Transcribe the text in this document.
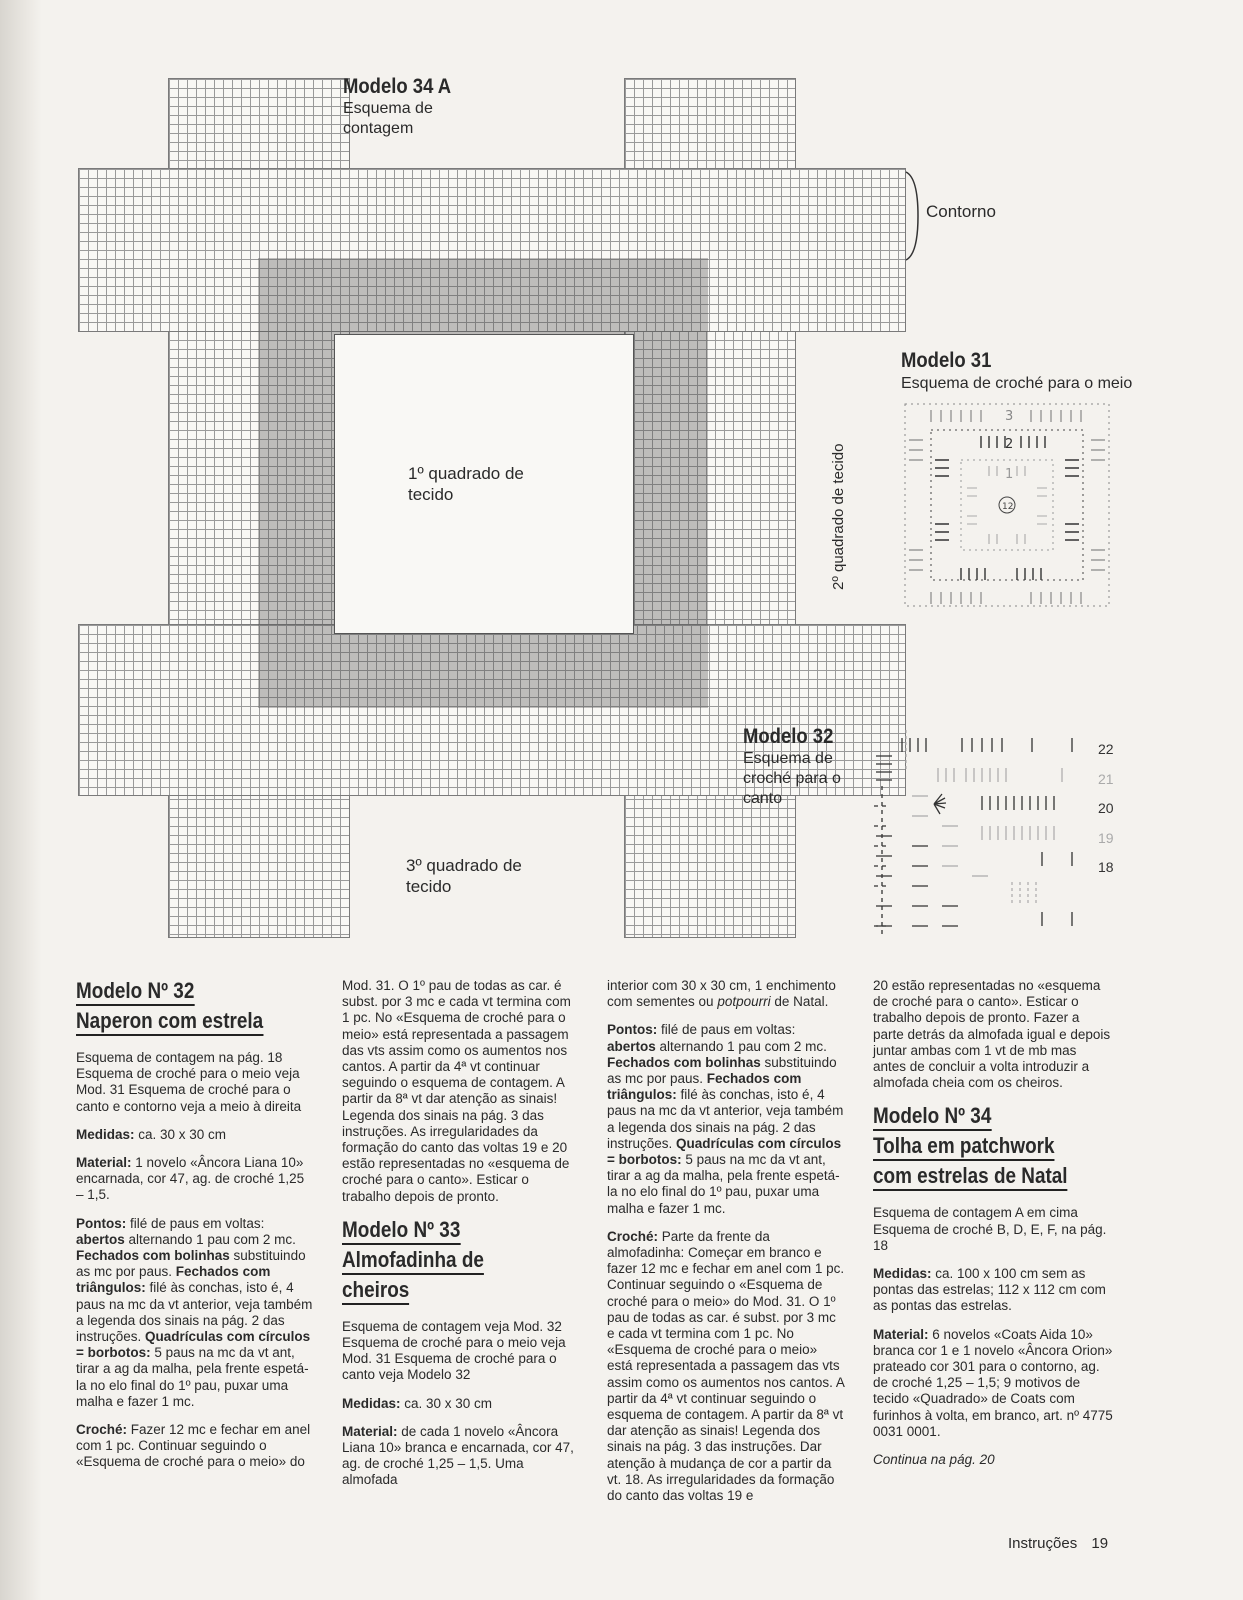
Modelo 34 A
Esquema de
contagem
Contorno
1º quadrado de
tecido	2º quadrado de tecido
3º quadrado de
tecido
Modelo 31
Esquema de croché para o meio
12
3
2
1
Modelo 32
Esquema de
croché para o
canto
22
21
20
19
18
Modelo Nº 32
Naperon com estrela

Esquema de contagem na pág. 18 Esquema de croché para o meio veja Mod. 31 Esquema de croché para o canto e contorno veja a meio à direita

Medidas: ca. 30 x 30 cm

Material: 1 novelo «Âncora Liana 10» encarnada, cor 47, ag. de croché 1,25 – 1,5.

Pontos: filé de paus em voltas: abertos alternando 1 pau com 2 mc. Fechados com bolinhas substituindo as mc por paus. Fechados com triângulos: filé às conchas, isto é, 4 paus na mc da vt anterior, veja também a legenda dos sinais na pág. 2 das instruções. Quadrículas com círculos = borbotos: 5 paus na mc da vt ant, tirar a ag da malha, pela frente espetá-la no elo final do 1º pau, puxar uma malha e fazer 1 mc.

Croché: Fazer 12 mc e fechar em anel com 1 pc. Continuar seguindo o «Esquema de croché para o meio» do

Mod. 31. O 1º pau de todas as car. é subst. por 3 mc e cada vt termina com 1 pc. No «Esquema de croché para o meio» está representada a passagem das vts assim como os aumentos nos cantos. A partir da 4ª vt continuar seguindo o esquema de contagem. A partir da 8ª vt dar atenção as sinais! Legenda dos sinais na pág. 3 das instruções. As irregularidades da formação do canto das voltas 19 e 20 estão representadas no «esquema de croché para o canto». Esticar o trabalho depois de pronto.

Modelo Nº 33
Almofadinha de
cheiros

Esquema de contagem veja Mod. 32 Esquema de croché para o meio veja Mod. 31 Esquema de croché para o canto veja Modelo 32

Medidas: ca. 30 x 30 cm

Material: de cada 1 novelo «Âncora Liana 10» branca e encarnada, cor 47, ag. de croché 1,25 – 1,5. Uma almofada

interior com 30 x 30 cm, 1 enchimento com sementes ou potpourri de Natal.

Pontos: filé de paus em voltas: abertos alternando 1 pau com 2 mc. Fechados com bolinhas substituindo as mc por paus. Fechados com triângulos: filé às conchas, isto é, 4 paus na mc da vt anterior, veja também a legenda dos sinais na pág. 2 das instruções. Quadrículas com círculos = borbotos: 5 paus na mc da vt ant, tirar a ag da malha, pela frente espetá-la no elo final do 1º pau, puxar uma malha e fazer 1 mc.

Croché: Parte da frente da almofadinha: Começar em branco e fazer 12 mc e fechar em anel com 1 pc. Continuar seguindo o «Esquema de croché para o meio» do Mod. 31. O 1º pau de todas as car. é subst. por 3 mc e cada vt termina com 1 pc. No «Esquema de croché para o meio» está representada a passagem das vts assim como os aumentos nos cantos. A partir da 4ª vt continuar seguindo o esquema de contagem. A partir da 8ª vt dar atenção as sinais! Legenda dos sinais na pág. 3 das instruções. Dar atenção à mudança de cor a partir da vt. 18. As irregularidades da formação do canto das voltas 19 e

20 estão representadas no «esquema de croché para o canto». Esticar o trabalho depois de pronto. Fazer a parte detrás da almofada igual e depois juntar ambas com 1 vt de mb mas antes de concluir a volta introduzir a almofada cheia com os cheiros.

Modelo Nº 34
Tolha em patchwork
com estrelas de Natal

Esquema de contagem A em cima Esquema de croché B, D, E, F, na pág. 18

Medidas: ca. 100 x 100 cm sem as pontas das estrelas; 112 x 112 cm com as pontas das estrelas.

Material: 6 novelos «Coats Aida 10» branca cor 1 e 1 novelo «Âncora Orion» prateado cor 301 para o contorno, ag. de croché 1,25 – 1,5; 9 motivos de tecido «Quadrado» de Coats com furinhos à volta, em branco, art. nº 4775 0031 0001.

Continua na pág. 20

Instruções 19
